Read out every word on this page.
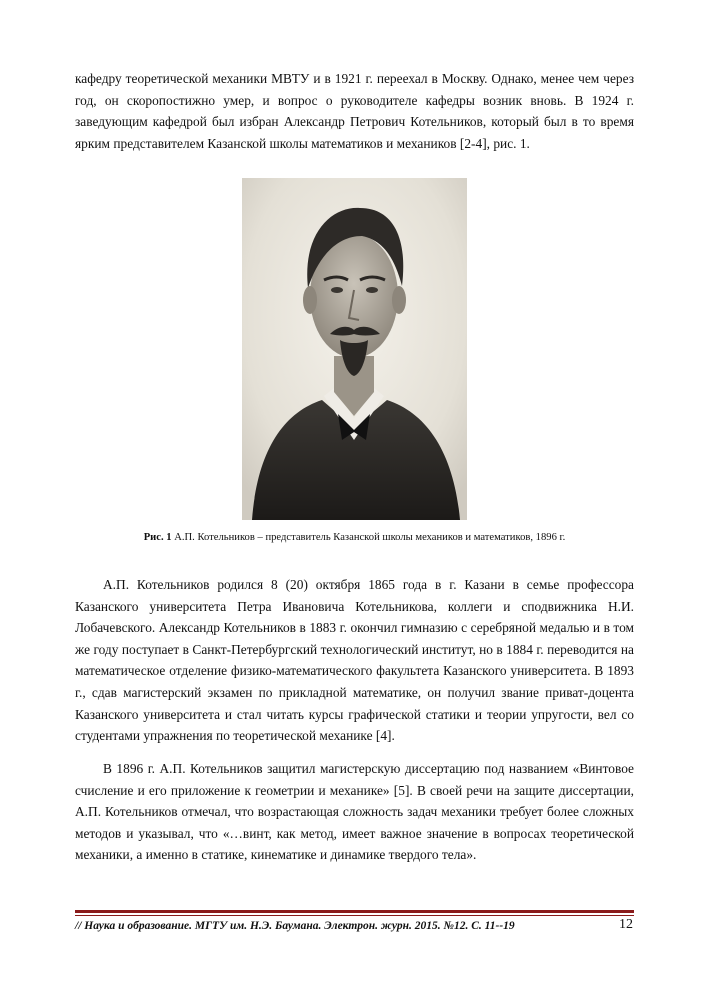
кафедру теоретической механики МВТУ и в 1921 г. переехал в Москву. Однако, менее чем через год, он скоропостижно умер, и вопрос о руководителе кафедры возник вновь. В 1924 г. заведующим кафедрой был избран Александр Петрович Котельников, который был в то время ярким представителем Казанской школы математиков и механиков [2-4], рис. 1.

Рис. 1 А.П. Котельников – представитель Казанской школы механиков и математиков, 1896 г.

А.П. Котельников родился 8 (20) октября 1865 года в г. Казани в семье профессора Казанского университета Петра Ивановича Котельникова, коллеги и сподвижника Н.И. Лобачевского. Александр Котельников в 1883 г. окончил гимназию с серебряной медалью и в том же году поступает в Санкт-Петербургский технологический институт, но в 1884 г. переводится на математическое отделение физико-математического факультета Казанского университета. В 1893 г., сдав магистерский экзамен по прикладной математике, он получил звание приват-доцента Казанского университета и стал читать курсы графической статики и теории упругости, вел со студентами упражнения по теоретической механике [4].

В 1896 г. А.П. Котельников защитил магистерскую диссертацию под названием «Винтовое счисление и его приложение к геометрии и механике» [5]. В своей речи на защите диссертации, А.П. Котельников отмечал, что возрастающая сложность задач механики требует более сложных методов и указывал, что «…винт, как метод, имеет важное значение в вопросах теоретической механики, а именно в статике, кинематике и динамике твердого тела».

// Наука и образование. МГТУ им. Н.Э. Баумана. Электрон. журн. 2015. №12. С. 11--19	12
